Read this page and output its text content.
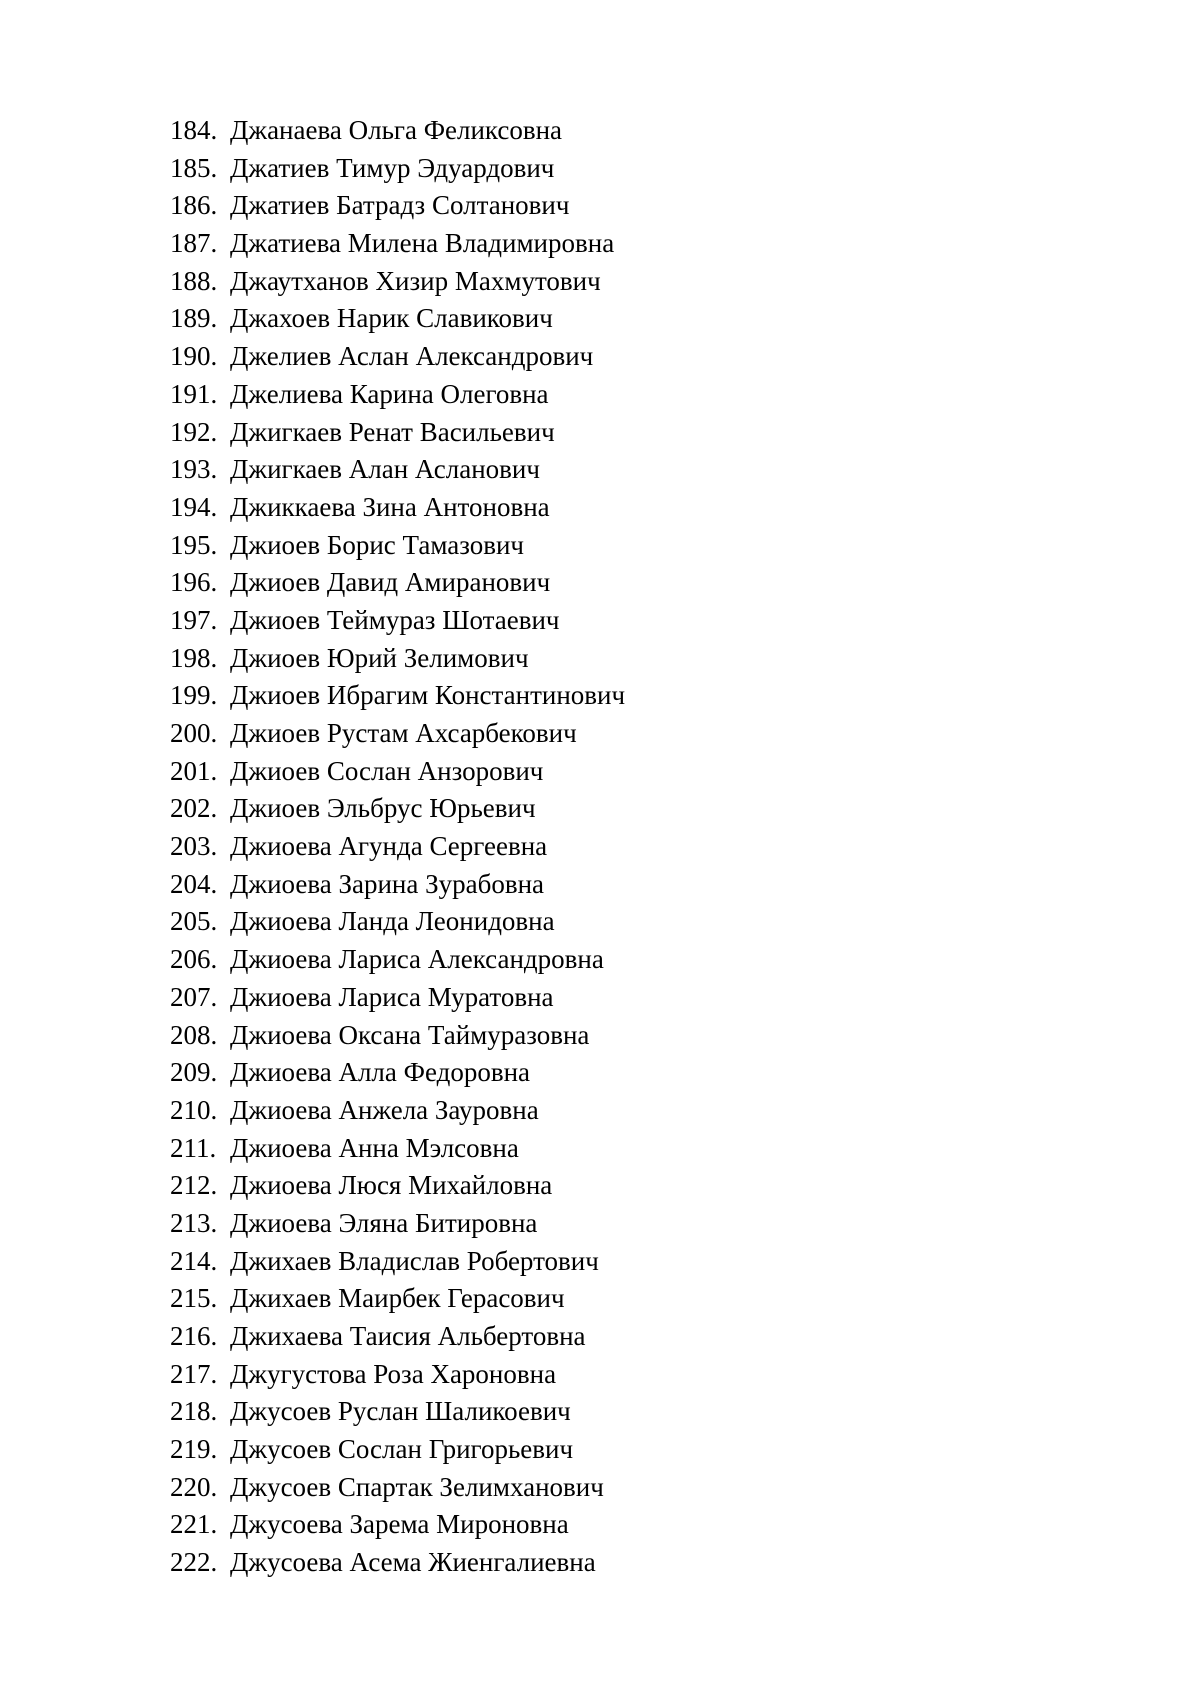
184. Джанаева Ольга Феликсовна
185. Джатиев Тимур Эдуардович
186. Джатиев Батрадз Солтанович
187. Джатиева Милена Владимировна
188. Джаутханов Хизир Махмутович
189. Джахоев Нарик Славикович
190. Джелиев Аслан Александрович
191. Джелиева Карина Олеговна
192. Джигкаев Ренат Васильевич
193. Джигкаев Алан Асланович
194. Джиккаева Зина Антоновна
195. Джиоев Борис Тамазович
196. Джиоев Давид Амиранович
197. Джиоев Теймураз Шотаевич
198. Джиоев Юрий Зелимович
199. Джиоев Ибрагим Константинович
200. Джиоев Рустам Ахсарбекович
201. Джиоев Сослан Анзорович
202. Джиоев Эльбрус Юрьевич
203. Джиоева Агунда Сергеевна
204. Джиоева Зарина Зурабовна
205. Джиоева Ланда Леонидовна
206. Джиоева Лариса Александровна
207. Джиоева Лариса Муратовна
208. Джиоева Оксана Таймуразовна
209. Джиоева Алла Федоровна
210. Джиоева Анжела Зауровна
211. Джиоева Анна Мэлсовна
212. Джиоева Люся Михайловна
213. Джиоева Эляна Битировна
214. Джихаев Владислав Робертович
215. Джихаев Маирбек Герасович
216. Джихаева Таисия Альбертовна
217. Джугустова Роза Хароновна
218. Джусоев Руслан Шаликоевич
219. Джусоев Сослан Григорьевич
220. Джусоев Спартак Зелимханович
221. Джусоева Зарема Мироновна
222. Джусоева Асема Жиенгалиевна
